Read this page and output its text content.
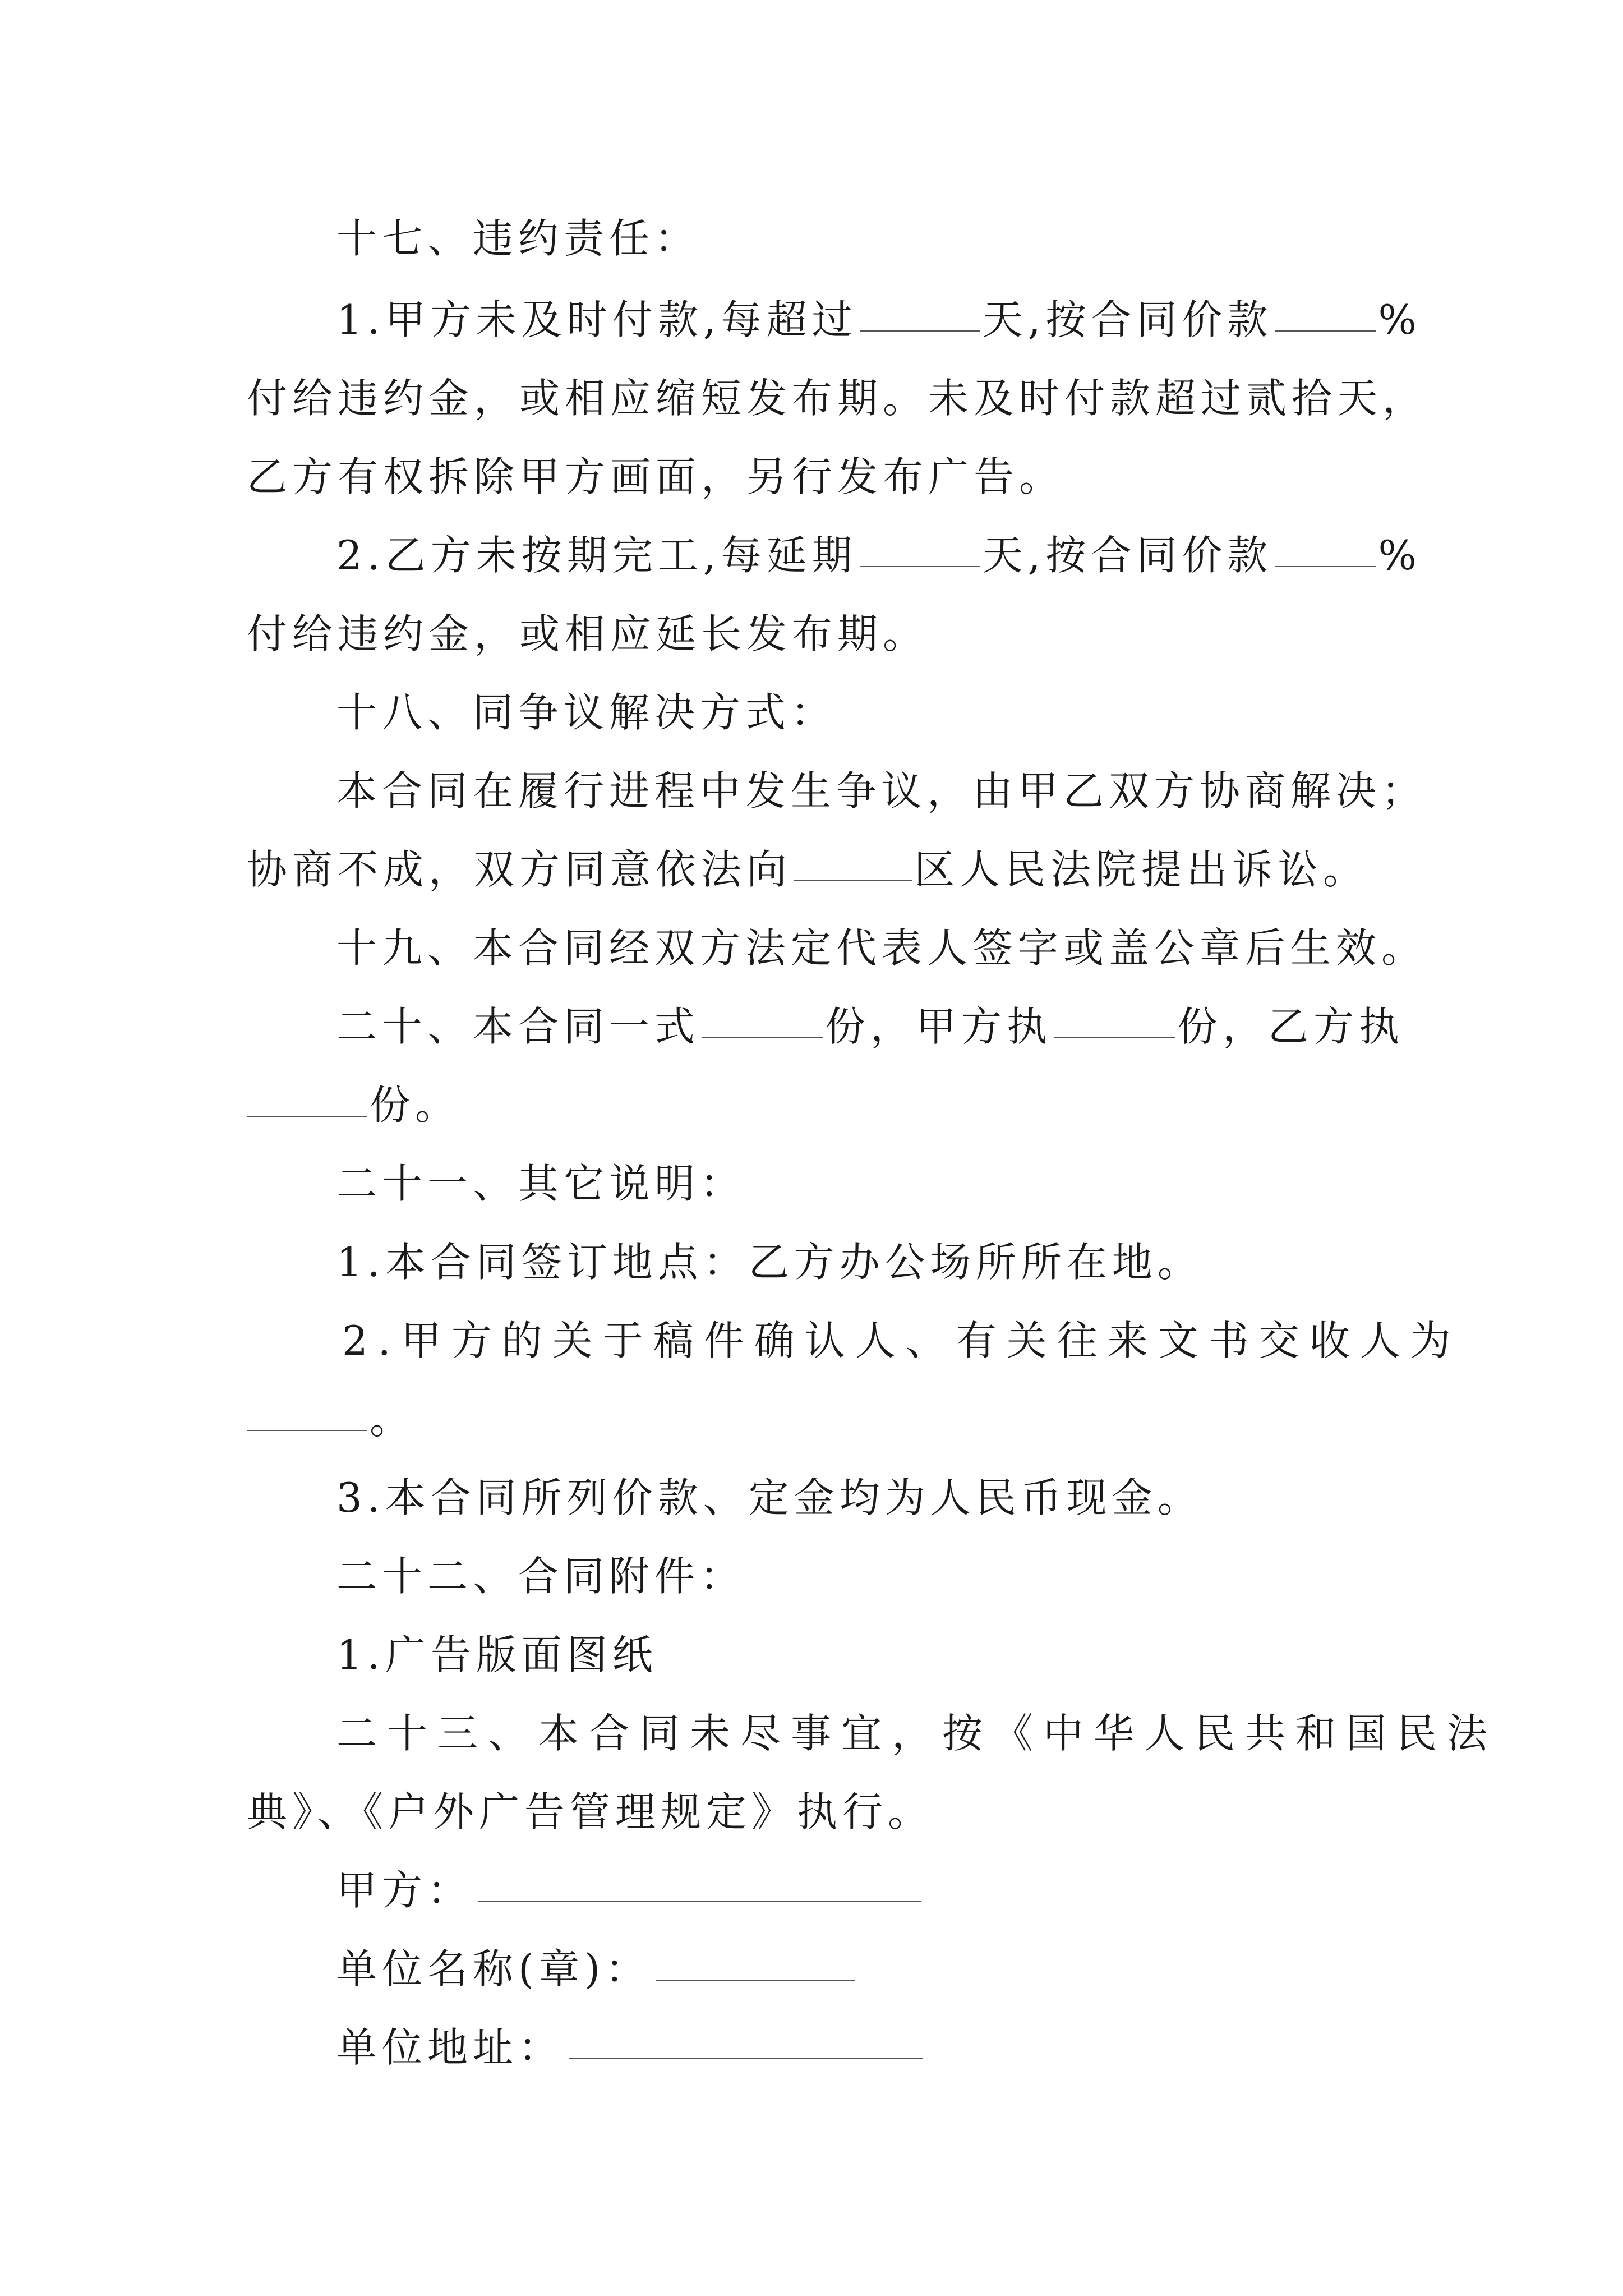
十七、违约责任：
1.甲方未及时付款,每超过	天,按合同价款	%
付给违约金，或相应缩短发布期。未及时付款超过贰拾天，
乙方有权拆除甲方画面，另行发布广告。
2.乙方未按期完工,每延期	天,按合同价款	%
付给违约金，或相应延长发布期。
十八、同争议解决方式：
本合同在履行进程中发生争议，由甲乙双方协商解决；
协商不成，双方同意依法向	区人民法院提出诉讼。
十九、本合同经双方法定代表人签字或盖公章后生效。
二十、本合同一式	份，甲方执	份，乙方执
份。
二十一、其它说明：
1.本合同签订地点：乙方办公场所所在地。
2.甲方的关于稿件确认人、有关往来文书交收人为
。
3.本合同所列价款、定金均为人民币现金。
二十二、合同附件：
1.广告版面图纸
二十三、本合同未尽事宜，按《中华人民共和国民法
典》、《户外广告管理规定》执行。
甲方：
单位名称(章)：
单位地址：
